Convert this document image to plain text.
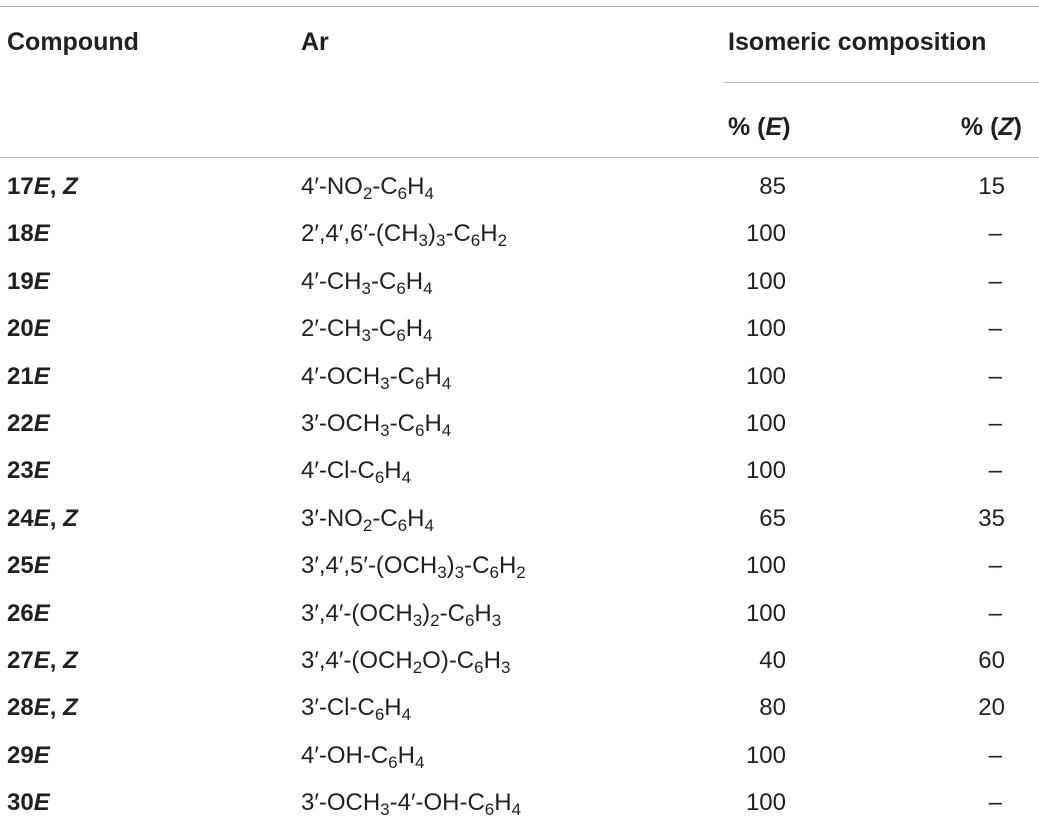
Compound	Ar	Isomeric composition
% (E)	% (Z)
17E, Z	$4'-NO_2-C_6H_4$	85	15
18E	$2',4',6'-(CH_3)_3-C_6H_2$	100	–
19E	$4'-CH_3-C_6H_4$	100	–
20E	$2'-CH_3-C_6H_4$	100	–
21E	$4'-OCH_3-C_6H_4$	100	–
22E	$3'-OCH_3-C_6H_4$	100	–
23E	$4'-Cl-C_6H_4$	100	–
24E, Z	$3'-NO_2-C_6H_4$	65	35
25E	$3',4',5'-(OCH_3)_3-C_6H_2$	100	–
26E	$3',4'-(OCH_3)_2-C_6H_3$	100	–
27E, Z	$3',4'-(OCH_2O)-C_6H_3$	40	60
28E, Z	$3'-Cl-C_6H_4$	80	20
29E	$4'-OH-C_6H_4$	100	–
30E	$3'-OCH_3-4'-OH-C_6H_4$	100	–
